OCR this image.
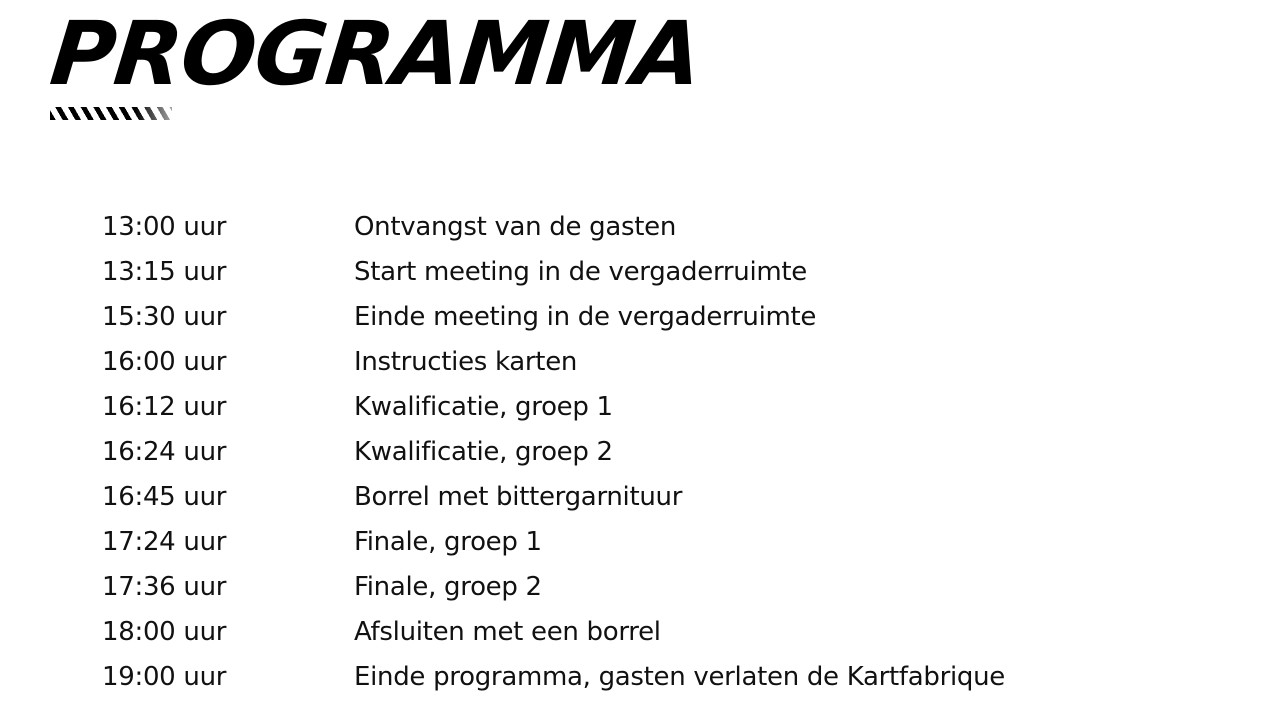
PROGRAMMA
13:00 uur	Ontvangst van de gasten
13:15 uur	Start meeting in de vergaderruimte
15:30 uur	Einde meeting in de vergaderruimte
16:00 uur	Instructies karten
16:12 uur	Kwalificatie, groep 1
16:24 uur	Kwalificatie, groep 2
16:45 uur	Borrel met bittergarnituur
17:24 uur	Finale, groep 1
17:36 uur	Finale, groep 2
18:00 uur	Afsluiten met een borrel
19:00 uur	Einde programma, gasten verlaten de Kartfabrique
